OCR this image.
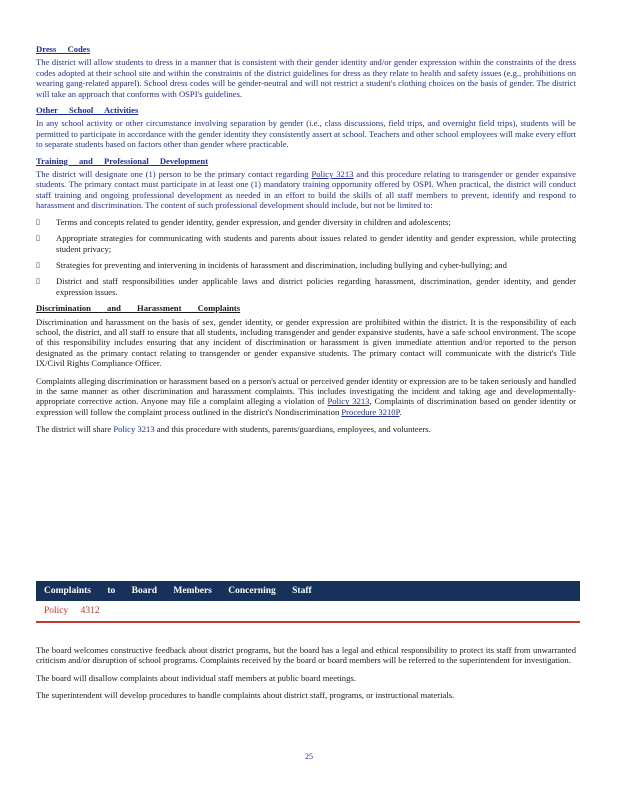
Dress Codes

The district will allow students to dress in a manner that is consistent with their gender identity and/or gender expression within the constraints of the dress codes adopted at their school site and within the constraints of the district guidelines for dress as they relate to health and safety issues (e.g., prohibitions on wearing gang-related apparel). School dress codes will be gender-neutral and will not restrict a student's clothing choices on the basis of gender. The district will take an approach that conforms with OSPI's guidelines.

Other School Activities

In any school activity or other circumstance involving separation by gender (i.e., class discussions, field trips, and overnight field trips), students will be permitted to participate in accordance with the gender identity they consistently assert at school. Teachers and other school employees will make every effort to separate students based on factors other than gender where practicable.

Training and Professional Development

The district will designate one (1) person to be the primary contact regarding Policy 3213 and this procedure relating to transgender or gender expansive students. The primary contact must participate in at least one (1) mandatory training opportunity offered by OSPI. When practical, the district will conduct staff training and ongoing professional development as needed in an effort to build the skills of all staff members to prevent, identify and respond to harassment and discrimination. The content of such professional development should include, but not be limited to:

▯ Terms and concepts related to gender identity, gender expression, and gender diversity in children and adolescents;
▯ Appropriate strategies for communicating with students and parents about issues related to gender identity and gender expression, while protecting student privacy;
▯ Strategies for preventing and intervening in incidents of harassment and discrimination, including bullying and cyber-bullying; and
▯ District and staff responsibilities under applicable laws and district policies regarding harassment, discrimination, gender identity, and gender expression issues.
Discrimination and Harassment Complaints

Discrimination and harassment on the basis of sex, gender identity, or gender expression are prohibited within the district. It is the responsibility of each school, the district, and all staff to ensure that all students, including transgender and gender expansive students, have a safe school environment. The scope of this responsibility includes ensuring that any incident of discrimination or harassment is given immediate attention and/or reported to the person designated as the primary contact relating to transgender or gender expansive students. The primary contact will communicate with the district's Title IX/Civil Rights Compliance Officer.

Complaints alleging discrimination or harassment based on a person's actual or perceived gender identity or expression are to be taken seriously and handled in the same manner as other discrimination and harassment complaints. This includes investigating the incident and taking age and developmentally-appropriate corrective action. Anyone may file a complaint alleging a violation of Policy 3213, Complaints of discrimination based on gender identity or expression will follow the complaint process outlined in the district's Nondiscrimination Procedure 3210P.

The district will share Policy 3213 and this procedure with students, parents/guardians, employees, and volunteers.

Complaints to Board Members Concerning Staff
Policy 4312

The board welcomes constructive feedback about district programs, but the board has a legal and ethical responsibility to protect its staff from unwarranted criticism and/or disruption of school programs. Complaints received by the board or board members will be referred to the superintendent for investigation.

The board will disallow complaints about individual staff members at public board meetings.

The superintendent will develop procedures to handle complaints about district staff, programs, or instructional materials.

25
